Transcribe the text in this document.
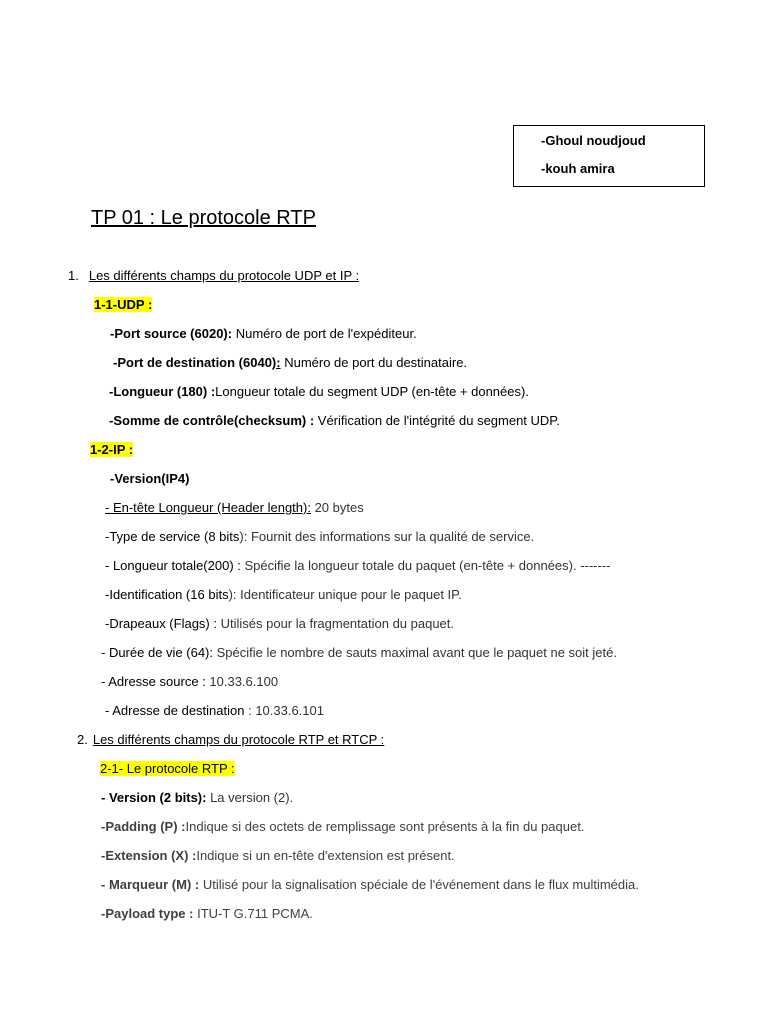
-Ghoul noudjoud
-kouh amira
TP 01 : Le protocole RTP
1. Les différents champs du protocole UDP et IP :
1-1-UDP :
-Port source (6020): Numéro de port de l'expéditeur.
-Port de destination (6040): Numéro de port du destinataire.
-Longueur (180) :Longueur totale du segment UDP (en-tête + données).
-Somme de contrôle(checksum) : Vérification de l'intégrité du segment UDP.
1-2-IP :
-Version(IP4)
- En-tête Longueur (Header length): 20 bytes
-Type de service (8 bits): Fournit des informations sur la qualité de service.
- Longueur totale(200) : Spécifie la longueur totale du paquet (en-tête + données). -------
-Identification (16 bits): Identificateur unique pour le paquet IP.
-Drapeaux (Flags) : Utilisés pour la fragmentation du paquet.
- Durée de vie (64): Spécifie le nombre de sauts maximal avant que le paquet ne soit jeté.
- Adresse source : 10.33.6.100
- Adresse de destination : 10.33.6.101
2. Les différents champs du protocole RTP et RTCP :
2-1- Le protocole RTP :
- Version (2 bits): La version (2).
-Padding (P) :Indique si des octets de remplissage sont présents à la fin du paquet.
-Extension (X) :Indique si un en-tête d'extension est présent.
- Marqueur (M) : Utilisé pour la signalisation spéciale de l'événement dans le flux multimédia.
-Payload type : ITU-T G.711 PCMA.
